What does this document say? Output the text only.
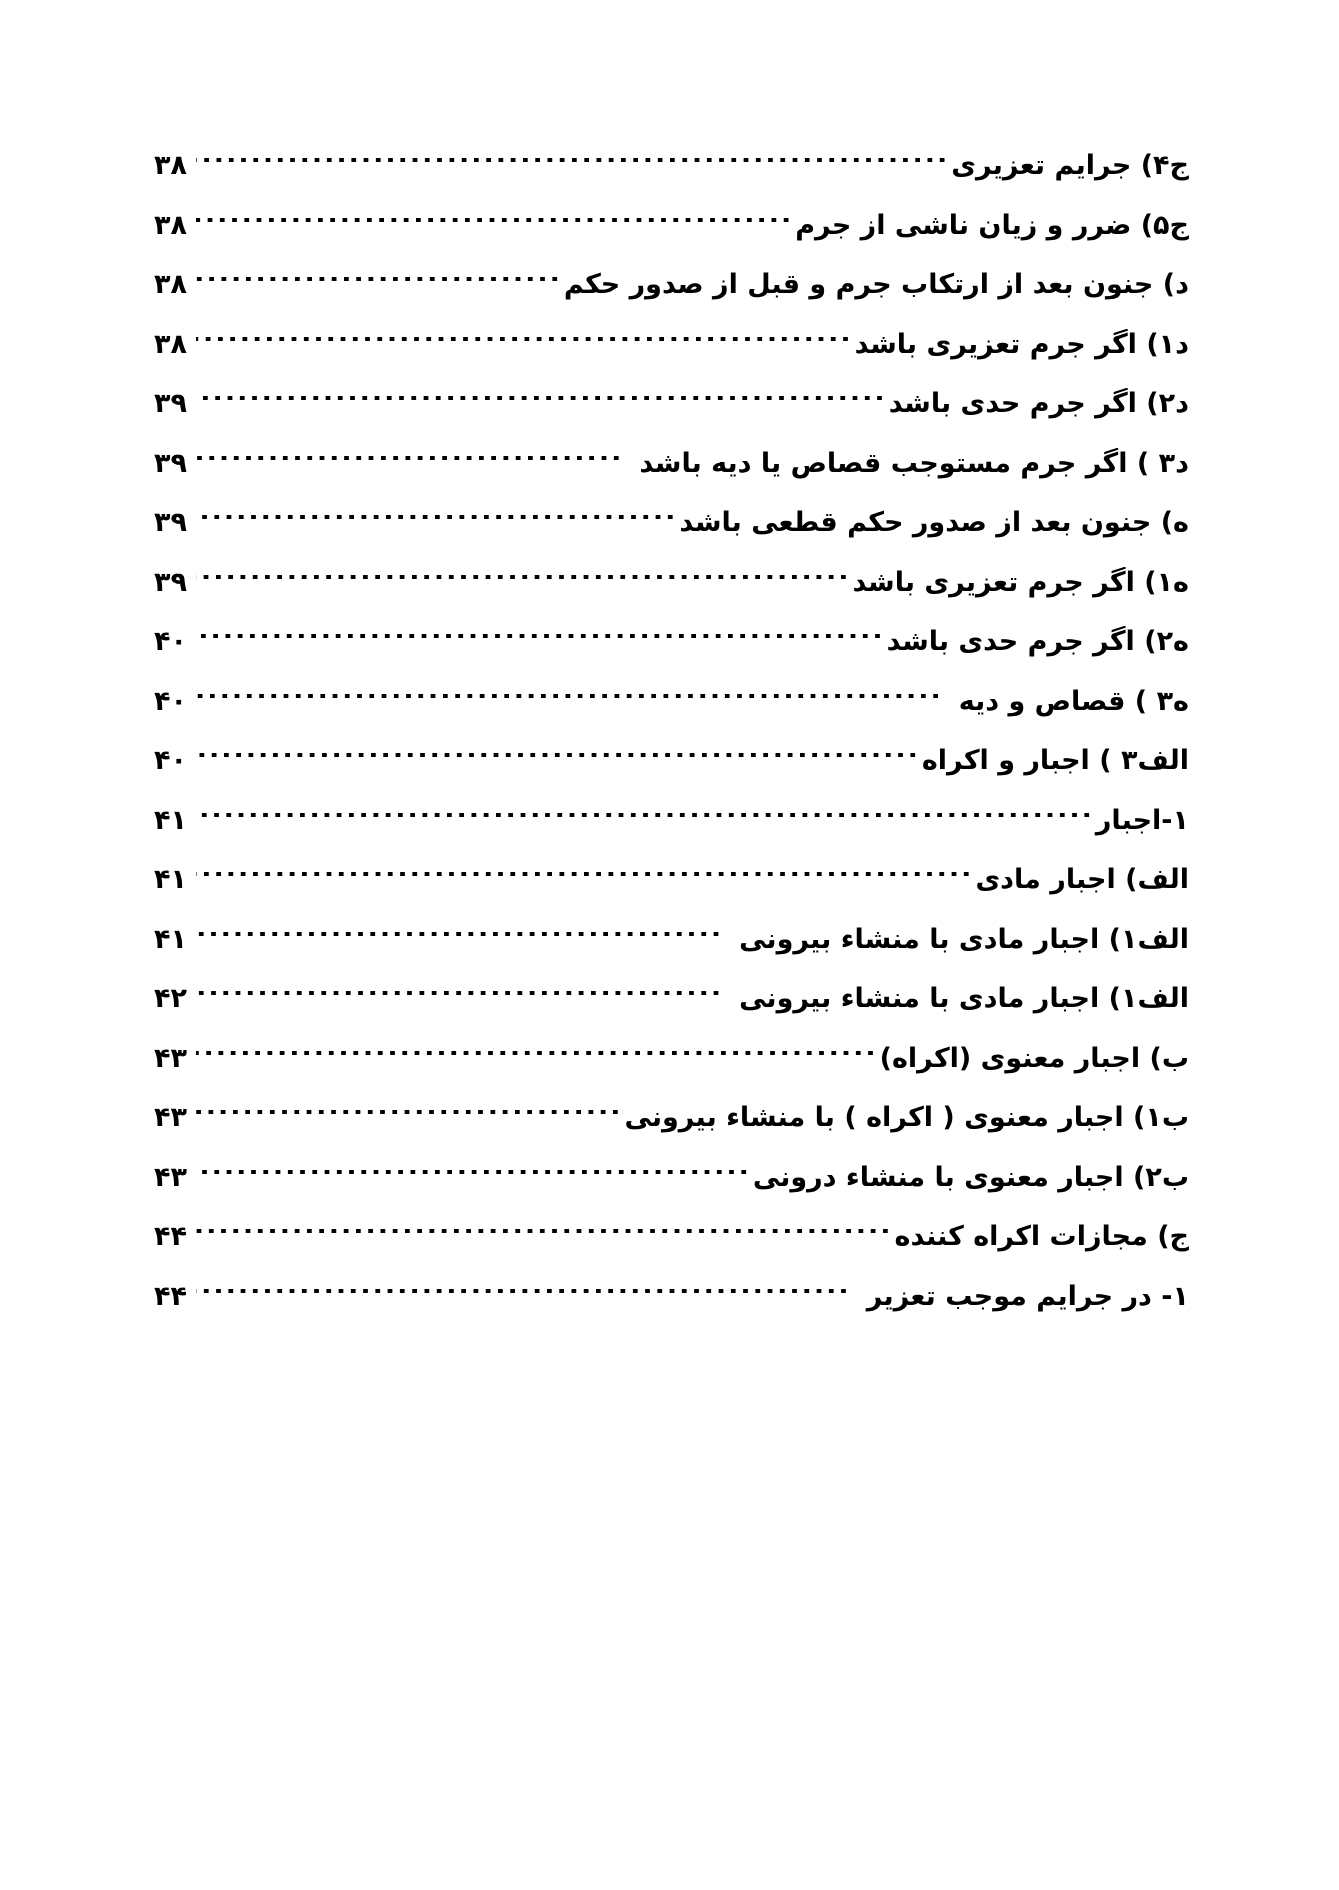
ج۴) جرایم تعزیری
.....
۳۸
ج۵) ضرر و زیان ناشی از جرم
.....
۳۸
د) جنون بعد از ارتکاب جرم و قبل از صدور حکم
.....
۳۸
د۱) اگر جرم تعزیری باشد
.....
۳۸
د۲) اگر جرم حدی باشد
.....
۳۹
د۳ ) اگر جرم مستوجب قصاص یا دیه باشد
.....
۳۹
ه) جنون بعد از صدور حکم قطعی باشد
.....
۳۹
ه۱) اگر جرم تعزیری باشد
.....
۳۹
ه۲) اگر جرم حدی باشد
.....
۴۰
ه۳ ) قصاص و دیه
.....
۴۰
الف۳ ) اجبار و اکراه
.....
۴۰
۱-اجبار
.....
۴۱
الف) اجبار مادی
.....
۴۱
الف۱) اجبار مادی با منشاء بیرونی
.....
۴۱
الف۱) اجبار مادی با منشاء بیرونی
.....
۴۲
ب) اجبار معنوی (اکراه)
.....
۴۳
ب۱) اجبار معنوی ( اکراه ) با منشاء بیرونی
.....
۴۳
ب۲) اجبار معنوی با منشاء درونی
.....
۴۳
ج) مجازات اکراه کننده
.....
۴۴
۱- در جرایم موجب تعزیر
.....
۴۴
